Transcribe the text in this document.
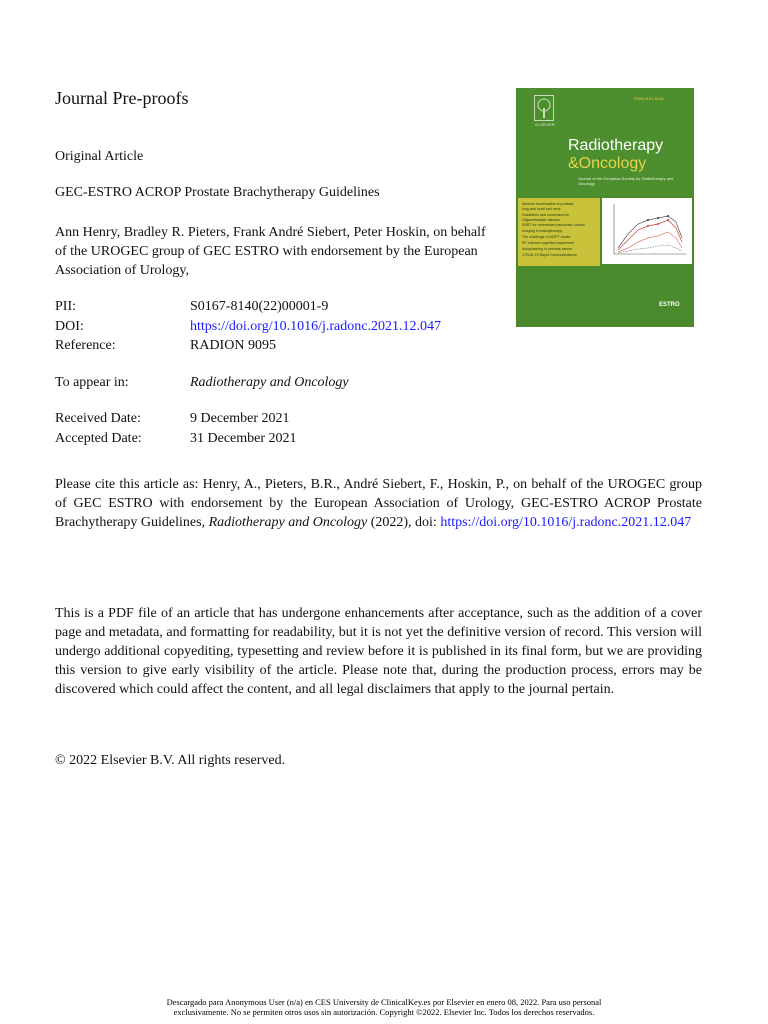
Journal Pre-proofs
Original Article
GEC-ESTRO ACROP Prostate Brachytherapy Guidelines
Ann Henry, Bradley R. Pieters, Frank André Siebert, Peter Hoskin, on behalf of the UROGEC group of GEC ESTRO with endorsement by the European Association of Urology,
PII:	S0167-8140(22)00001-9
DOI:	https://doi.org/10.1016/j.radonc.2021.12.047
Reference:	RADION 9095
To appear in:	Radiotherapy and Oncology
Received Date:	9 December 2021
Accepted Date:	31 December 2021
Please cite this article as: Henry, A., Pieters, B.R., André Siebert, F., Hoskin, P., on behalf of the UROGEC group of GEC ESTRO with endorsement by the European Association of Urology, GEC-ESTRO ACROP Prostate Brachytherapy Guidelines, Radiotherapy and Oncology (2022), doi: https://doi.org/10.1016/j.radonc.2021.12.047
This is a PDF file of an article that has undergone enhancements after acceptance, such as the addition of a cover page and metadata, and formatting for readability, but it is not yet the definitive version of record. This version will undergo additional copyediting, typesetting and review before it is published in its final form, but we are providing this version to give early visibility of the article. Please note that, during the production process, errors may be discovered which could affect the content, and all legal disclaimers that apply to the journal pertain.
© 2022 Elsevier B.V. All rights reserved.
Descargado para Anonymous User (n/a) en CES University de ClinicalKey.es por Elsevier en enero 08, 2022. Para uso personal
exclusivamente. No se permiten otros usos sin autorización. Copyright ©2022. Elsevier Inc. Todos los derechos reservados.
ELSEVIER
ISSN 0167-8140
Radiotherapy
&Oncology
Journal of the European Society for Radiotherapy and Oncology
Adverse fractionation in prostate,
lung and head and neck
Guidelines and consensus for
Oligometastatic disease
SBRT for unresected pancreatic cancer
Imaging in brachytherapy
The challenge of MCPT nodes
RT induced cognitive impairment
Autoplanning in prostate cancer
COVID-19 Rapid Communications
ESTRO
